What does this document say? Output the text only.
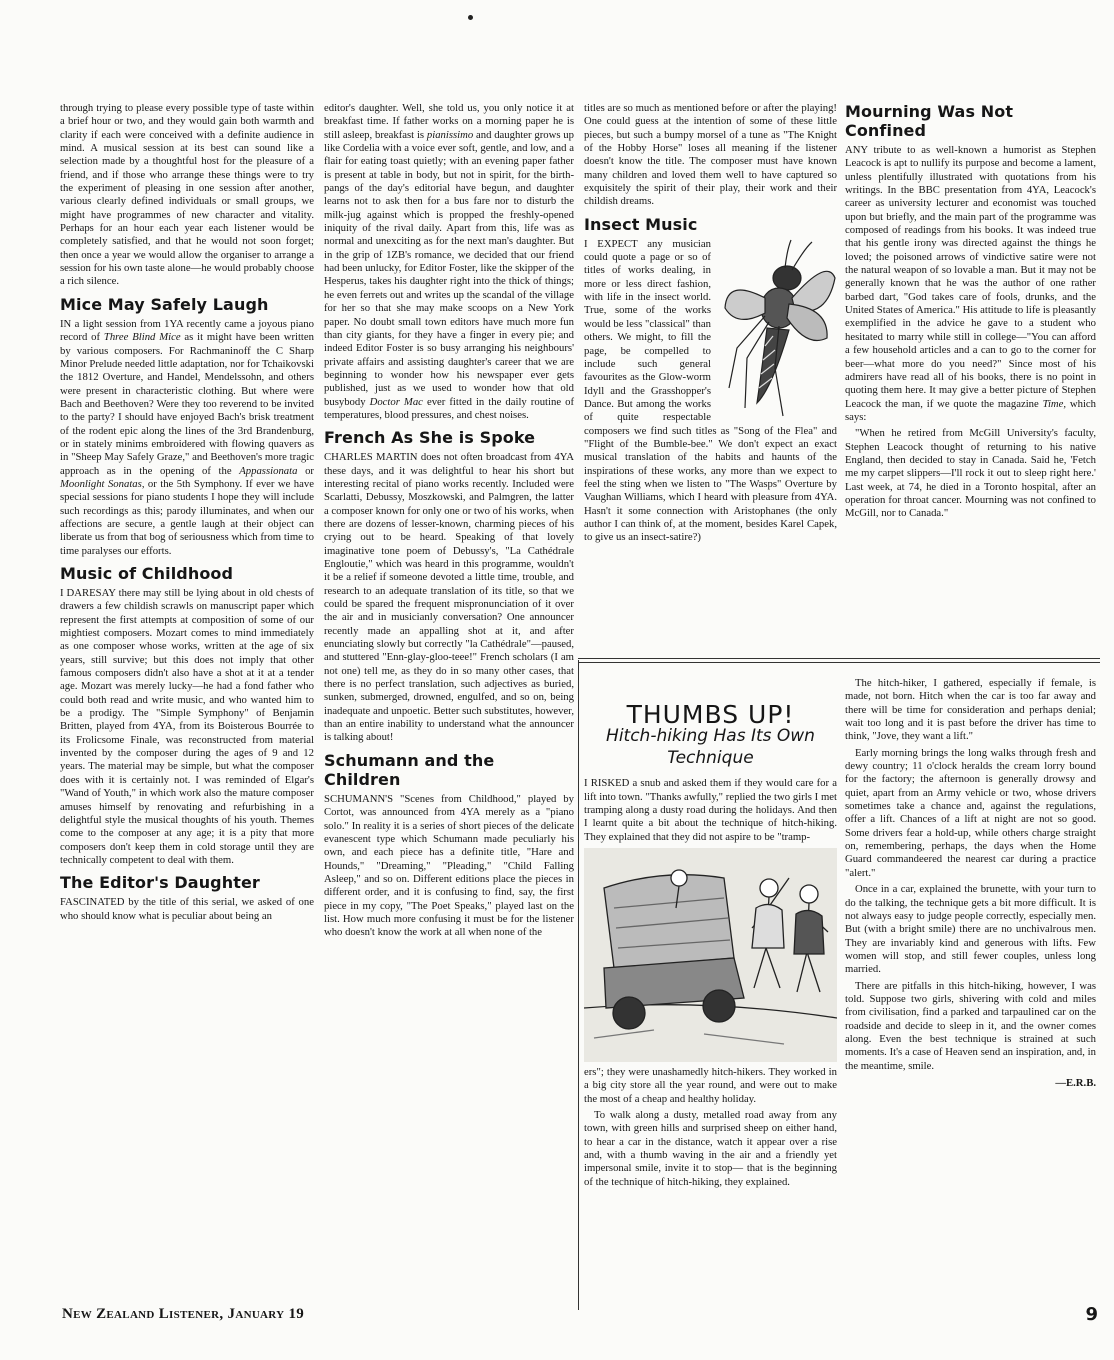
through trying to please every possible type of taste within a brief hour or two, and they would gain both warmth and clarity if each were conceived with a definite audience in mind. A musical session at its best can sound like a selection made by a thoughtful host for the pleasure of a friend, and if those who arrange these things were to try the experiment of pleasing in one session after another, various clearly defined individuals or small groups, we might have programmes of new character and vitality. Perhaps for an hour each year each listener would be completely satisfied, and that he would not soon forget; then once a year we would allow the organiser to arrange a session for his own taste alone—he would probably choose a rich silence.

Mice May Safely Laugh

IN a light session from 1YA recently came a joyous piano record of Three Blind Mice as it might have been written by various composers. For Rachmaninoff the C Sharp Minor Prelude needed little adaptation, nor for Tchaikovski the 1812 Overture, and Handel, Mendelssohn, and others were present in characteristic clothing. But where were Bach and Beethoven? Were they too reverend to be invited to the party? I should have enjoyed Bach's brisk treatment of the rodent epic along the lines of the 3rd Brandenburg, or in stately minims embroidered with flowing quavers as in "Sheep May Safely Graze," and Beethoven's more tragic approach as in the opening of the Appassionata or Moonlight Sonatas, or the 5th Symphony. If ever we have special sessions for piano students I hope they will include such recordings as this; parody illuminates, and when our affections are secure, a gentle laugh at their object can liberate us from that bog of seriousness which from time to time paralyses our efforts.

Music of Childhood

I DARESAY there may still be lying about in old chests of drawers a few childish scrawls on manuscript paper which represent the first attempts at composition of some of our mightiest composers. Mozart comes to mind immediately as one composer whose works, written at the age of six years, still survive; but this does not imply that other famous composers didn't also have a shot at it at a tender age. Mozart was merely lucky—he had a fond father who could both read and write music, and who wanted him to be a prodigy. The "Simple Symphony" of Benjamin Britten, played from 4YA, from its Boisterous Bourrée to its Frolicsome Finale, was reconstructed from material invented by the composer during the ages of 9 and 12 years. The material may be simple, but what the composer does with it is certainly not. I was reminded of Elgar's "Wand of Youth," in which work also the mature composer amuses himself by renovating and refurbishing in a delightful style the musical thoughts of his youth. Themes come to the composer at any age; it is a pity that more composers don't keep them in cold storage until they are technically competent to deal with them.

The Editor's Daughter

FASCINATED by the title of this serial, we asked of one who should know what is peculiar about being an

editor's daughter. Well, she told us, you only notice it at breakfast time. If father works on a morning paper he is still asleep, breakfast is pianissimo and daughter grows up like Cordelia with a voice ever soft, gentle, and low, and a flair for eating toast quietly; with an evening paper father is present at table in body, but not in spirit, for the birth-pangs of the day's editorial have begun, and daughter learns not to ask then for a bus fare nor to disturb the milk-jug against which is propped the freshly-opened iniquity of the rival daily. Apart from this, life was as normal and unexciting as for the next man's daughter. But in the grip of 1ZB's romance, we decided that our friend had been unlucky, for Editor Foster, like the skipper of the Hesperus, takes his daughter right into the thick of things; he even ferrets out and writes up the scandal of the village for her so that she may make scoops on a New York paper. No doubt small town editors have much more fun than city giants, for they have a finger in every pie; and indeed Editor Foster is so busy arranging his neighbours' private affairs and assisting daughter's career that we are beginning to wonder how his newspaper ever gets published, just as we used to wonder how that old busybody Doctor Mac ever fitted in the daily routine of temperatures, blood pressures, and chest noises.

French As She is Spoke

CHARLES MARTIN does not often broadcast from 4YA these days, and it was delightful to hear his short but interesting recital of piano works recently. Included were Scarlatti, Debussy, Moszkowski, and Palmgren, the latter a composer known for only one or two of his works, when there are dozens of lesser-known, charming pieces of his crying out to be heard. Speaking of that lovely imaginative tone poem of Debussy's, "La Cathédrale Engloutie," which was heard in this programme, wouldn't it be a relief if someone devoted a little time, trouble, and research to an adequate translation of its title, so that we could be spared the frequent mispronunciation of it over the air and in musicianly conversation? One announcer recently made an appalling shot at it, and after enunciating slowly but correctly "la Cathédrale"—paused, and stuttered "Enn-glay-gloo-teee!" French scholars (I am not one) tell me, as they do in so many other cases, that there is no perfect translation, such adjectives as buried, sunken, submerged, drowned, engulfed, and so on, being inadequate and unpoetic. Better such substitutes, however, than an entire inability to understand what the announcer is talking about!

Schumann and the Children

SCHUMANN'S "Scenes from Childhood," played by Cortot, was announced from 4YA merely as a "piano solo." In reality it is a series of short pieces of the delicate evanescent type which Schumann made peculiarly his own, and each piece has a definite title, "Hare and Hounds," "Dreaming," "Pleading," "Child Falling Asleep," and so on. Different editions place the pieces in different order, and it is confusing to find, say, the first piece in my copy, "The Poet Speaks," played last on the list. How much more confusing it must be for the listener who doesn't know the work at all when none of the

titles are so much as mentioned before or after the playing! One could guess at the intention of some of these little pieces, but such a bumpy morsel of a tune as "The Knight of the Hobby Horse" loses all meaning if the listener doesn't know the title. The composer must have known many children and loved them well to have captured so exquisitely the spirit of their play, their work and their childish dreams.

Insect Music

I EXPECT any musician could quote a page or so of titles of works dealing, in more or less direct fashion, with life in the insect world. True, some of the works would be less "classical" than others. We might, to fill the page, be compelled to include such general favourites as the Glow-worm Idyll and the Grasshopper's Dance. But among the works of quite respectable composers we find such titles as "Song of the Flea" and "Flight of the Bumble-bee." We don't expect an exact musical translation of the habits and haunts of the inspirations of these works, any more than we expect to feel the sting when we listen to "The Wasps" Overture by Vaughan Williams, which I heard with pleasure from 4YA. Hasn't it some connection with Aristophanes (the only author I can think of, at the moment, besides Karel Capek, to give us an insect-satire?)

Mourning Was Not Confined

ANY tribute to as well-known a humorist as Stephen Leacock is apt to nullify its purpose and become a lament, unless plentifully illustrated with quotations from his writings. In the BBC presentation from 4YA, Leacock's career as university lecturer and economist was touched upon but briefly, and the main part of the programme was composed of readings from his books. It was indeed true that his gentle irony was directed against the things he loved; the poisoned arrows of vindictive satire were not the natural weapon of so lovable a man. But it may not be generally known that he was the author of one rather barbed dart, "God takes care of fools, drunks, and the United States of America." His attitude to life is pleasantly exemplified in the advice he gave to a student who hesitated to marry while still in college—"You can afford a few household articles and a can to go to the corner for beer—what more do you need?" Since most of his admirers have read all of his books, there is no point in quoting them here. It may give a better picture of Stephen Leacock the man, if we quote the magazine Time, which says:

"When he retired from McGill University's faculty, Stephen Leacock thought of returning to his native England, then decided to stay in Canada. Said he, 'Fetch me my carpet slippers—I'll rock it out to sleep right here.' Last week, at 74, he died in a Toronto hospital, after an operation for throat cancer. Mourning was not confined to McGill, nor to Canada."

THUMBS UP!
Hitch-hiking Has Its Own Technique

I RISKED a snub and asked them if they would care for a lift into town. "Thanks awfully," replied the two girls I met tramping along a dusty road during the holidays. And then I learnt quite a bit about the technique of hitch-hiking. They explained that they did not aspire to be "tramp-

ers"; they were unashamedly hitch-hikers. They worked in a big city store all the year round, and were out to make the most of a cheap and healthy holiday.

To walk along a dusty, metalled road away from any town, with green hills and surprised sheep on either hand, to hear a car in the distance, watch it appear over a rise and, with a thumb waving in the air and a friendly yet impersonal smile, invite it to stop— that is the beginning of the technique of hitch-hiking, they explained.

The hitch-hiker, I gathered, especially if female, is made, not born. Hitch when the car is too far away and there will be time for consideration and perhaps denial; wait too long and it is past before the driver has time to think, "Jove, they want a lift."

Early morning brings the long walks through fresh and dewy country; 11 o'clock heralds the cream lorry bound for the factory; the afternoon is generally drowsy and quiet, apart from an Army vehicle or two, whose drivers sometimes take a chance and, against the regulations, offer a lift. Chances of a lift at night are not so good. Some drivers fear a hold-up, while others charge straight on, remembering, perhaps, the days when the Home Guard commandeered the nearest car during a practice "alert."

Once in a car, explained the brunette, with your turn to do the talking, the technique gets a bit more difficult. It is not always easy to judge people correctly, especially men. But (with a bright smile) there are no unchivalrous men. They are invariably kind and generous with lifts. Few women will stop, and still fewer couples, unless long married.

There are pitfalls in this hitch-hiking, however, I was told. Suppose two girls, shivering with cold and miles from civilisation, find a parked and tarpaulined car on the roadside and decide to sleep in it, and the owner comes along. Even the best technique is strained at such moments. It's a case of Heaven send an inspiration, and, in the meantime, smile.

—E.R.B.
New Zealand Listener, January 19	9
